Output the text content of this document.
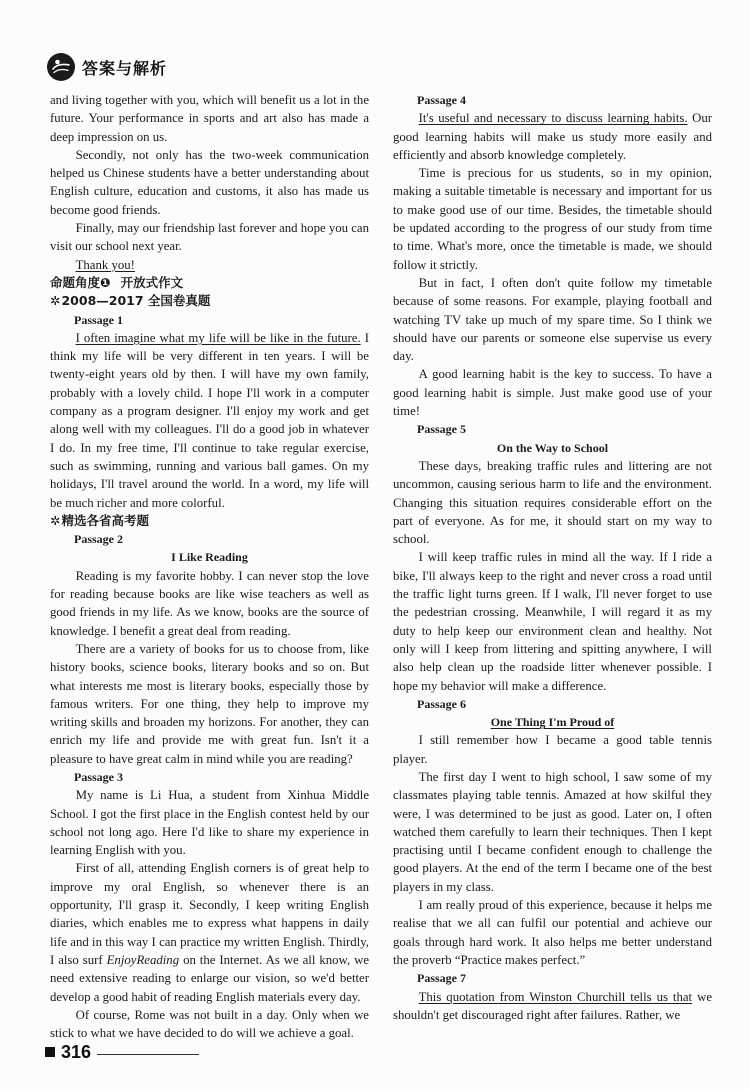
答案与解析

and living together with you, which will benefit us a lot in the future. Your performance in sports and art also has made a deep impression on us.

Secondly, not only has the two-week communication helped us Chinese students have a better understanding about English culture, education and customs, it also has made us become good friends.

Finally, may our friendship last forever and hope you can visit our school next year.

Thank you!

命题角度❶ 开放式作文
✲2008—2017 全国卷真题
Passage 1

I often imagine what my life will be like in the future. I think my life will be very different in ten years. I will be twenty-eight years old by then. I will have my own family, probably with a lovely child. I hope I'll work in a computer company as a program designer. I'll enjoy my work and get along well with my colleagues. I'll do a good job in whatever I do. In my free time, I'll continue to take regular exercise, such as swimming, running and various ball games. On my holidays, I'll travel around the world. In a word, my life will be much richer and more colorful.

✲精选各省高考题
Passage 2
I Like Reading

Reading is my favorite hobby. I can never stop the love for reading because books are like wise teachers as well as good friends in my life. As we know, books are the source of knowledge. I benefit a great deal from reading.

There are a variety of books for us to choose from, like history books, science books, literary books and so on. But what interests me most is literary books, especially those by famous writers. For one thing, they help to improve my writing skills and broaden my horizons. For another, they can enrich my life and provide me with great fun. Isn't it a pleasure to have great calm in mind while you are reading?

Passage 3

My name is Li Hua, a student from Xinhua Middle School. I got the first place in the English contest held by our school not long ago. Here I'd like to share my experience in learning English with you.

First of all, attending English corners is of great help to improve my oral English, so whenever there is an opportunity, I'll grasp it. Secondly, I keep writing English diaries, which enables me to express what happens in daily life and in this way I can practice my written English. Thirdly, I also surf EnjoyReading on the Internet. As we all know, we need extensive reading to enlarge our vision, so we'd better develop a good habit of reading English materials every day.

Of course, Rome was not built in a day. Only when we stick to what we have decided to do will we achieve a goal.

Passage 4

It's useful and necessary to discuss learning habits. Our good learning habits will make us study more easily and efficiently and absorb knowledge completely.

Time is precious for us students, so in my opinion, making a suitable timetable is necessary and important for us to make good use of our time. Besides, the timetable should be updated according to the progress of our study from time to time. What's more, once the timetable is made, we should follow it strictly.

But in fact, I often don't quite follow my timetable because of some reasons. For example, playing football and watching TV take up much of my spare time. So I think we should have our parents or someone else supervise us every day.

A good learning habit is the key to success. To have a good learning habit is simple. Just make good use of your time!

Passage 5
On the Way to School

These days, breaking traffic rules and littering are not uncommon, causing serious harm to life and the environment. Changing this situation requires considerable effort on the part of everyone. As for me, it should start on my way to school.

I will keep traffic rules in mind all the way. If I ride a bike, I'll always keep to the right and never cross a road until the traffic light turns green. If I walk, I'll never forget to use the pedestrian crossing. Meanwhile, I will regard it as my duty to help keep our environment clean and healthy. Not only will I keep from littering and spitting anywhere, I will also help clean up the roadside litter whenever possible. I hope my behavior will make a difference.

Passage 6
One Thing I'm Proud of

I still remember how I became a good table tennis player.

The first day I went to high school, I saw some of my classmates playing table tennis. Amazed at how skilful they were, I was determined to be just as good. Later on, I often watched them carefully to learn their techniques. Then I kept practising until I became confident enough to challenge the good players. At the end of the term I became one of the best players in my class.

I am really proud of this experience, because it helps me realise that we all can fulfil our potential and achieve our goals through hard work. It also helps me better understand the proverb “Practice makes perfect.”

Passage 7

This quotation from Winston Churchill tells us that we shouldn't get discouraged right after failures. Rather, we

316
